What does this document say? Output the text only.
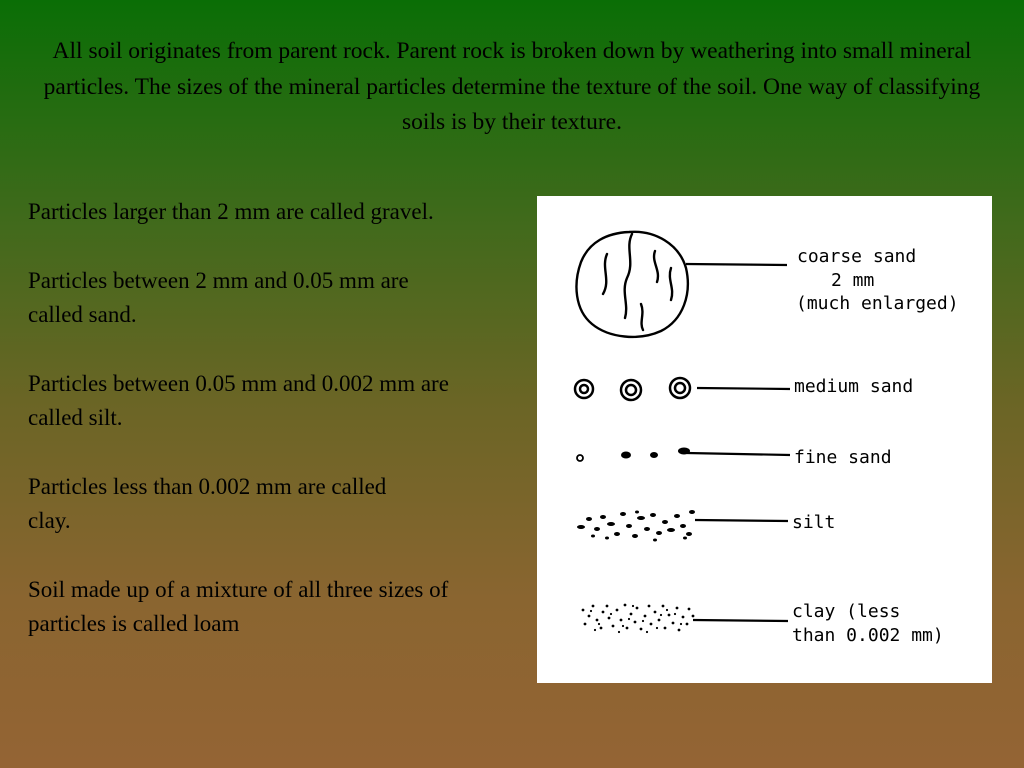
All soil originates from parent rock. Parent rock is broken down by weathering into small mineral particles. The sizes of the mineral particles determine the texture of the soil. One way of classifying soils is by their texture.

Particles larger than 2 mm are called gravel.

Particles between 2 mm and 0.05 mm are called sand.

Particles between 0.05 mm and 0.002 mm are called silt.

Particles less than 0.002 mm are called clay.

Soil made up of a mixture of all three sizes of particles is called loam

coarse sand
2 mm
(much enlarged)
medium sand
fine sand
silt
clay (less
than 0.002 mm)
